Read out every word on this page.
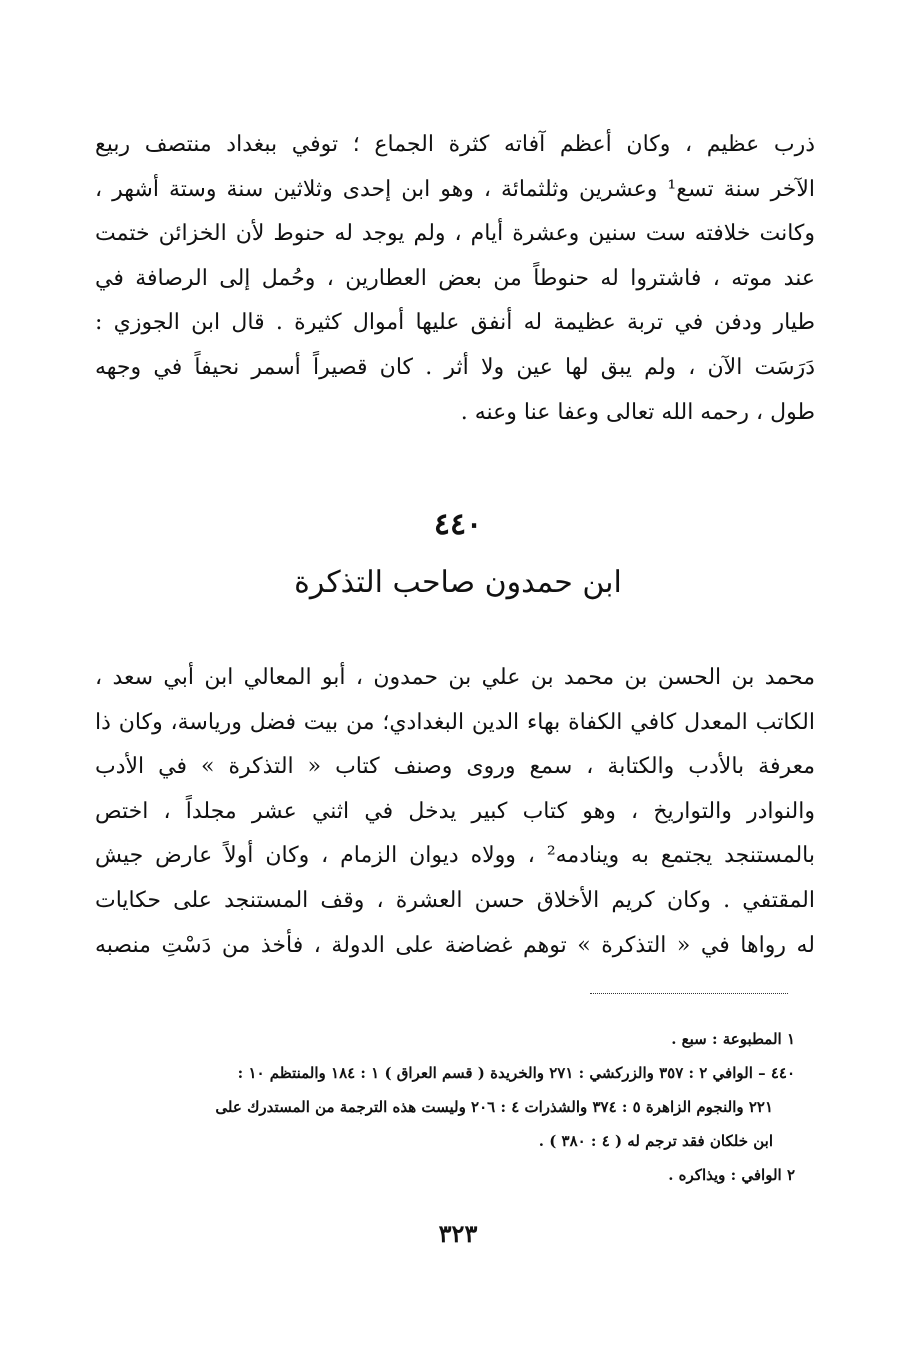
ذرب عظيم ، وكان أعظم آفاته كثرة الجماع ؛ توفي ببغداد منتصف ربيع
الآخر سنة تسع¹ وعشرين وثلثمائة ، وهو ابن إحدى وثلاثين سنة وستة أشهر ،
وكانت خلافته ست سنين وعشرة أيام ، ولم يوجد له حنوط لأن الخزائن ختمت
عند موته ، فاشتروا له حنوطاً من بعض العطارين ، وحُمل إلى الرصافة في
طيار ودفن في تربة عظيمة له أنفق عليها أموال كثيرة . قال ابن الجوزي :
دَرَسَت الآن ، ولم يبق لها عين ولا أثر . كان قصيراً أسمر نحيفاً في وجهه
طول ، رحمه الله تعالى وعفا عنا وعنه .
٤٤٠
ابن حمدون صاحب التذكرة
محمد بن الحسن بن محمد بن علي بن حمدون ، أبو المعالي ابن أبي سعد ،
الكاتب المعدل كافي الكفاة بهاء الدين البغدادي؛ من بيت فضل ورياسة، وكان ذا
معرفة بالأدب والكتابة ، سمع وروى وصنف كتاب « التذكرة » في الأدب
والنوادر والتواريخ ، وهو كتاب كبير يدخل في اثني عشر مجلداً ، اختص
بالمستنجد يجتمع به وينادمه² ، وولاه ديوان الزمام ، وكان أولاً عارض جيش
المقتفي . وكان كريم الأخلاق حسن العشرة ، وقف المستنجد على حكايات
له رواها في « التذكرة » توهم غضاضة على الدولة ، فأخذ من دَسْتِ منصبه
١ المطبوعة : سبع .
٤٤٠ – الوافي ٢ : ٣٥٧ والزركشي : ٢٧١ والخريدة ( قسم العراق ) ١ : ١٨٤ والمنتظم ١٠ :
٢٢١ والنجوم الزاهرة ٥ : ٣٧٤ والشذرات ٤ : ٢٠٦ وليست هذه الترجمة من المستدرك على
ابن خلكان فقد ترجم له ( ٤ : ٣٨٠ ) .
٢ الوافي : ويذاكره .
٣٢٣
